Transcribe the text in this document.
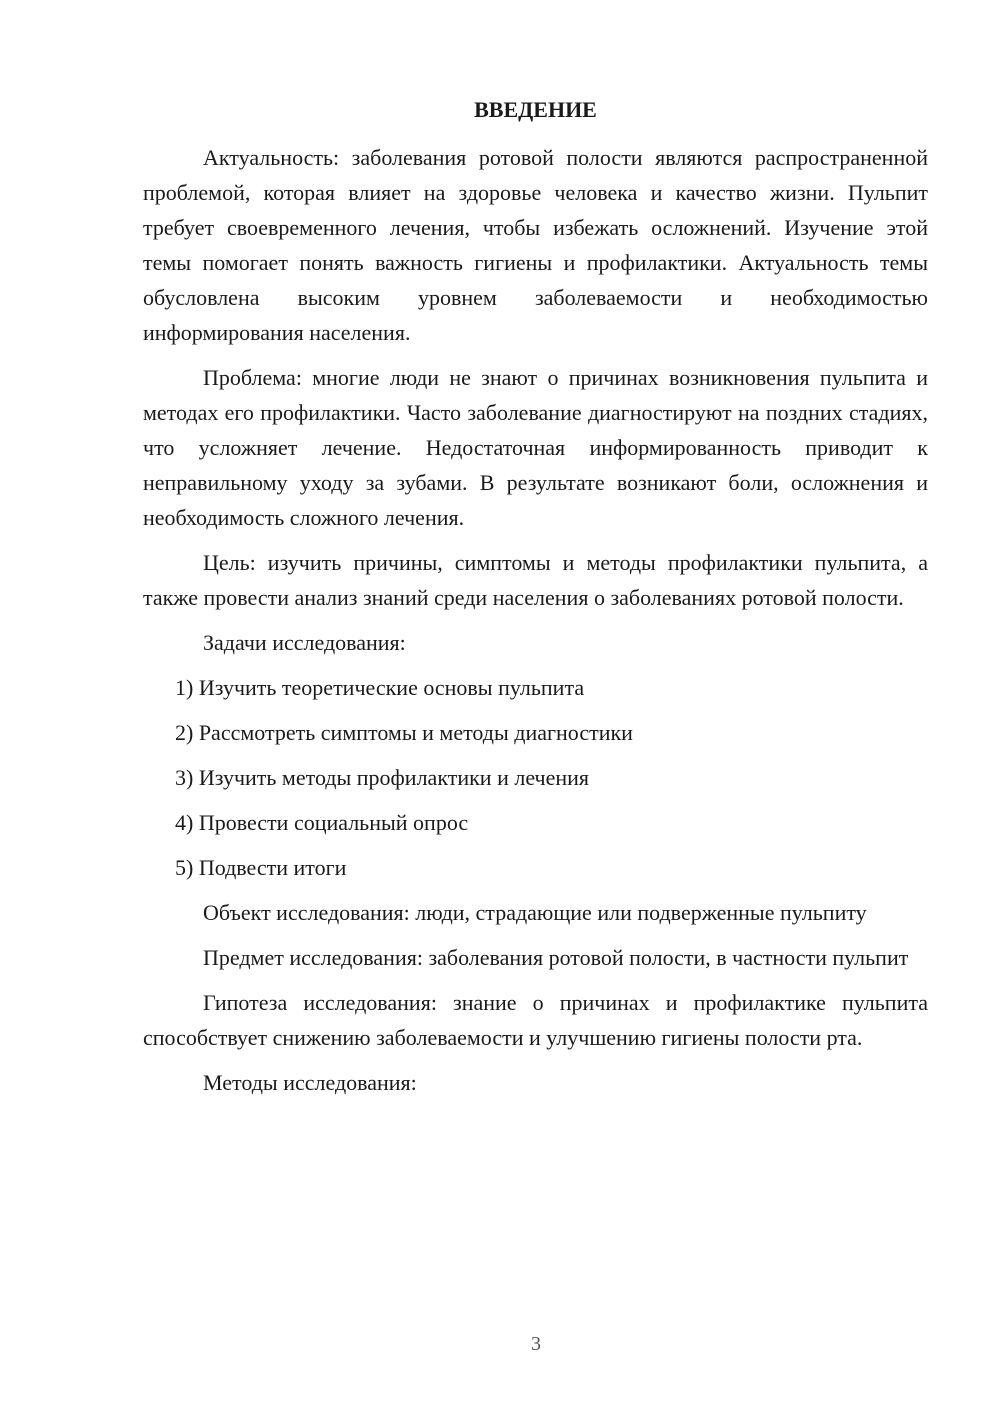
ВВЕДЕНИЕ

Актуальность: заболевания ротовой полости являются распространенной проблемой, которая влияет на здоровье человека и качество жизни. Пульпит требует своевременного лечения, чтобы избежать осложнений. Изучение этой темы помогает понять важность гигиены и профилактики. Актуальность темы обусловлена высоким уровнем заболеваемости и необходимостью информирования населения.

Проблема: многие люди не знают о причинах возникновения пульпита и методах его профилактики. Часто заболевание диагностируют на поздних стадиях, что усложняет лечение. Недостаточная информированность приводит к неправильному уходу за зубами. В результате возникают боли, осложнения и необходимость сложного лечения.

Цель: изучить причины, симптомы и методы профилактики пульпита, а также провести анализ знаний среди населения о заболеваниях ротовой полости.

Задачи исследования:

1) Изучить теоретические основы пульпита
2) Рассмотреть симптомы и методы диагностики
3) Изучить методы профилактики и лечения
4) Провести социальный опрос
5) Подвести итоги

Объект исследования: люди, страдающие или подверженные пульпиту

Предмет исследования: заболевания ротовой полости, в частности пульпит

Гипотеза исследования: знание о причинах и профилактике пульпита способствует снижению заболеваемости и улучшению гигиены полости рта.

Методы исследования:

3
